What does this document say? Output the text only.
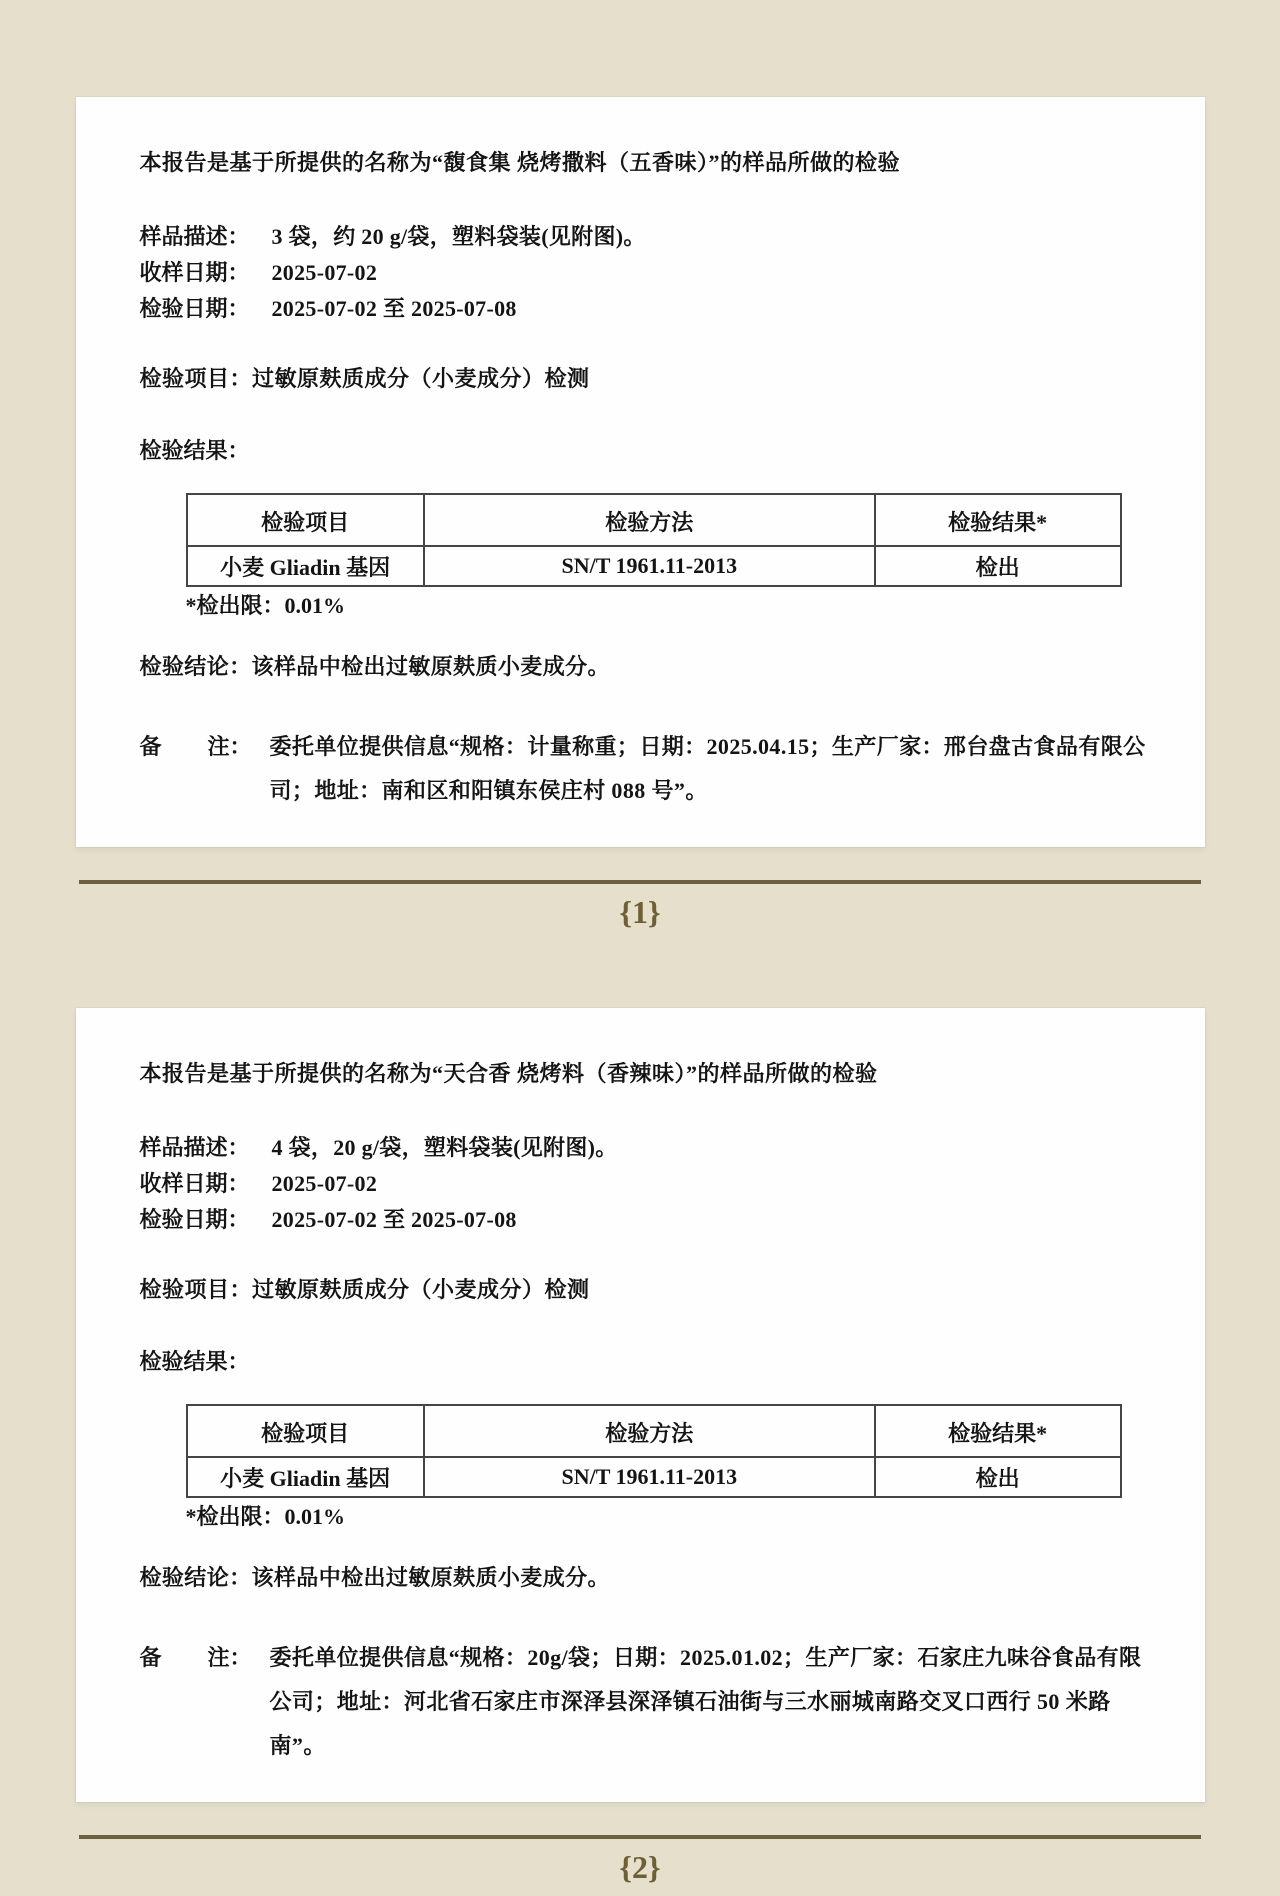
本报告是基于所提供的名称为“馥食集 烧烤撒料（五香味）”的样品所做的检验

样品描述： 3 袋，约 20 g/袋，塑料袋装(见附图)。
收样日期： 2025-07-02
检验日期： 2025-07-02 至 2025-07-08

检验项目：过敏原麸质成分（小麦成分）检测

检验结果：

检验项目	检验方法	检验结果*
小麦 Gliadin 基因	SN/T 1961.11-2013	检出

*检出限：0.01%

检验结论：该样品中检出过敏原麸质小麦成分。

备 注： 委托单位提供信息“规格：计量称重；日期：2025.04.15；生产厂家：邢台盘古食品有限公司；地址：南和区和阳镇东侯庄村 088 号”。
{1}

本报告是基于所提供的名称为“天合香 烧烤料（香辣味）”的样品所做的检验

样品描述： 4 袋，20 g/袋，塑料袋装(见附图)。
收样日期： 2025-07-02
检验日期： 2025-07-02 至 2025-07-08

检验项目：过敏原麸质成分（小麦成分）检测

检验结果：

检验项目	检验方法	检验结果*
小麦 Gliadin 基因	SN/T 1961.11-2013	检出

*检出限：0.01%

检验结论：该样品中检出过敏原麸质小麦成分。

备 注： 委托单位提供信息“规格：20g/袋；日期：2025.01.02；生产厂家：石家庄九味谷食品有限公司；地址：河北省石家庄市深泽县深泽镇石油街与三水丽城南路交叉口西行 50 米路南”。
{2}
